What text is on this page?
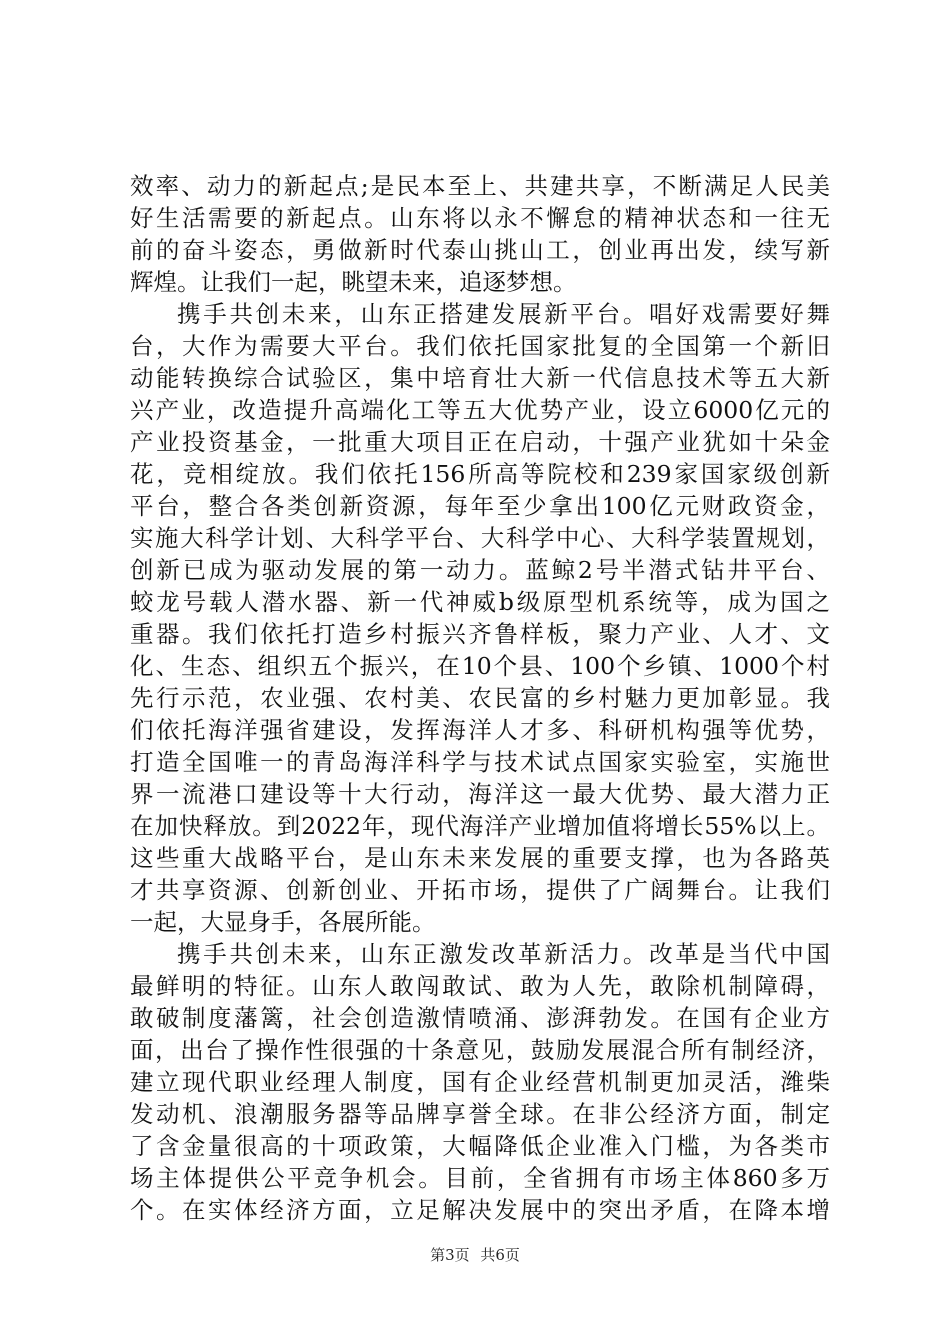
效率、动力的新起点;是民本至上、共建共享，不断满足人民美
好生活需要的新起点。山东将以永不懈怠的精神状态和一往无
前的奋斗姿态，勇做新时代泰山挑山工，创业再出发，续写新
辉煌。让我们一起，眺望未来，追逐梦想。
携手共创未来，山东正搭建发展新平台。唱好戏需要好舞
台，大作为需要大平台。我们依托国家批复的全国第一个新旧
动能转换综合试验区，集中培育壮大新一代信息技术等五大新
兴产业，改造提升高端化工等五大优势产业，设立6000亿元的
产业投资基金，一批重大项目正在启动，十强产业犹如十朵金
花，竞相绽放。我们依托156所高等院校和239家国家级创新
平台，整合各类创新资源，每年至少拿出100亿元财政资金，
实施大科学计划、大科学平台、大科学中心、大科学装置规划，
创新已成为驱动发展的第一动力。蓝鲸2号半潜式钻井平台、
蛟龙号载人潜水器、新一代神威b级原型机系统等，成为国之
重器。我们依托打造乡村振兴齐鲁样板，聚力产业、人才、文
化、生态、组织五个振兴，在10个县、100个乡镇、1000个村
先行示范，农业强、农村美、农民富的乡村魅力更加彰显。我
们依托海洋强省建设，发挥海洋人才多、科研机构强等优势，
打造全国唯一的青岛海洋科学与技术试点国家实验室，实施世
界一流港口建设等十大行动，海洋这一最大优势、最大潜力正
在加快释放。到2022年，现代海洋产业增加值将增长55%以上。
这些重大战略平台，是山东未来发展的重要支撑，也为各路英
才共享资源、创新创业、开拓市场，提供了广阔舞台。让我们
一起，大显身手，各展所能。
携手共创未来，山东正激发改革新活力。改革是当代中国
最鲜明的特征。山东人敢闯敢试、敢为人先，敢除机制障碍，
敢破制度藩篱，社会创造激情喷涌、澎湃勃发。在国有企业方
面，出台了操作性很强的十条意见，鼓励发展混合所有制经济，
建立现代职业经理人制度，国有企业经营机制更加灵活，潍柴
发动机、浪潮服务器等品牌享誉全球。在非公经济方面，制定
了含金量很高的十项政策，大幅降低企业准入门槛，为各类市
场主体提供公平竞争机会。目前，全省拥有市场主体860多万
个。在实体经济方面，立足解决发展中的突出矛盾，在降本增
第3页 共6页
